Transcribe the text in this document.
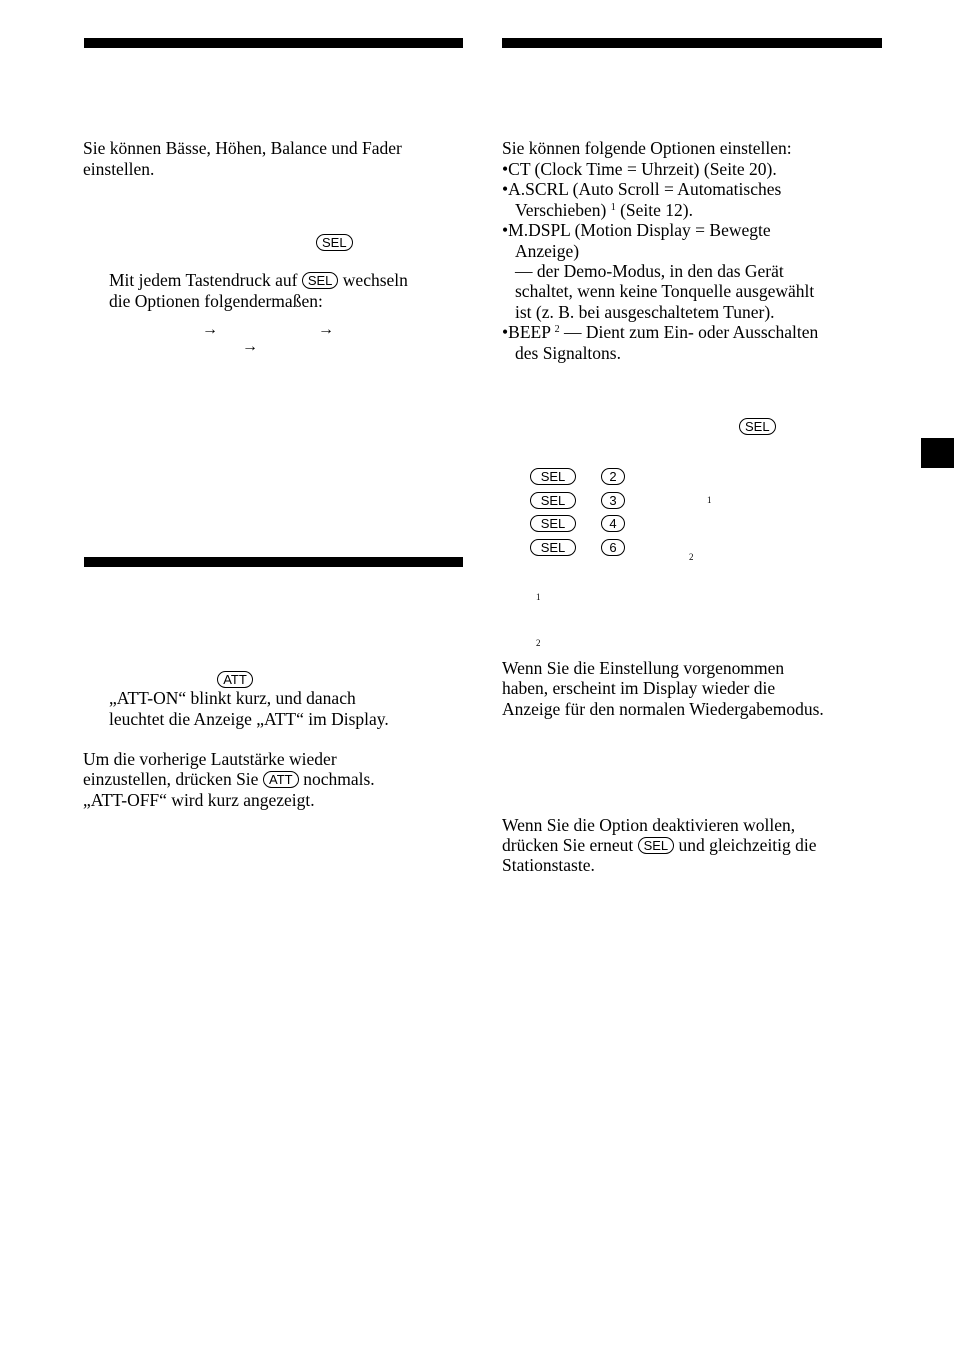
Sie können Bässe, Höhen, Balance und Fader
einstellen.
SEL
Mit jedem Tastendruck auf SEL wechseln
die Optionen folgendermaßen:
→	→
→
ATT
„ATT-ON“ blinkt kurz, und danach
leuchtet die Anzeige „ATT“ im Display.
Um die vorherige Lautstärke wieder
einzustellen, drücken Sie ATT nochmals.
„ATT-OFF“ wird kurz angezeigt.
Sie können folgende Optionen einstellen:
•CT (Clock Time = Uhrzeit) (Seite 20).
•A.SCRL (Auto Scroll = Automatisches
Verschieben) $^1$ (Seite 12).
•M.DSPL (Motion Display = Bewegte
Anzeige)
— der Demo-Modus, in den das Gerät
schaltet, wenn keine Tonquelle ausgewählt
ist (z. B. bei ausgeschaltetem Tuner).
•BEEP $^2$ — Dient zum Ein- oder Ausschalten
des Signaltons.
SEL
SEL	2
SEL	3	1
SEL	4
SEL	6
2
1
2
Wenn Sie die Einstellung vorgenommen
haben, erscheint im Display wieder die
Anzeige für den normalen Wiedergabemodus.
Wenn Sie die Option deaktivieren wollen,
drücken Sie erneut SEL und gleichzeitig die
Stationstaste.
